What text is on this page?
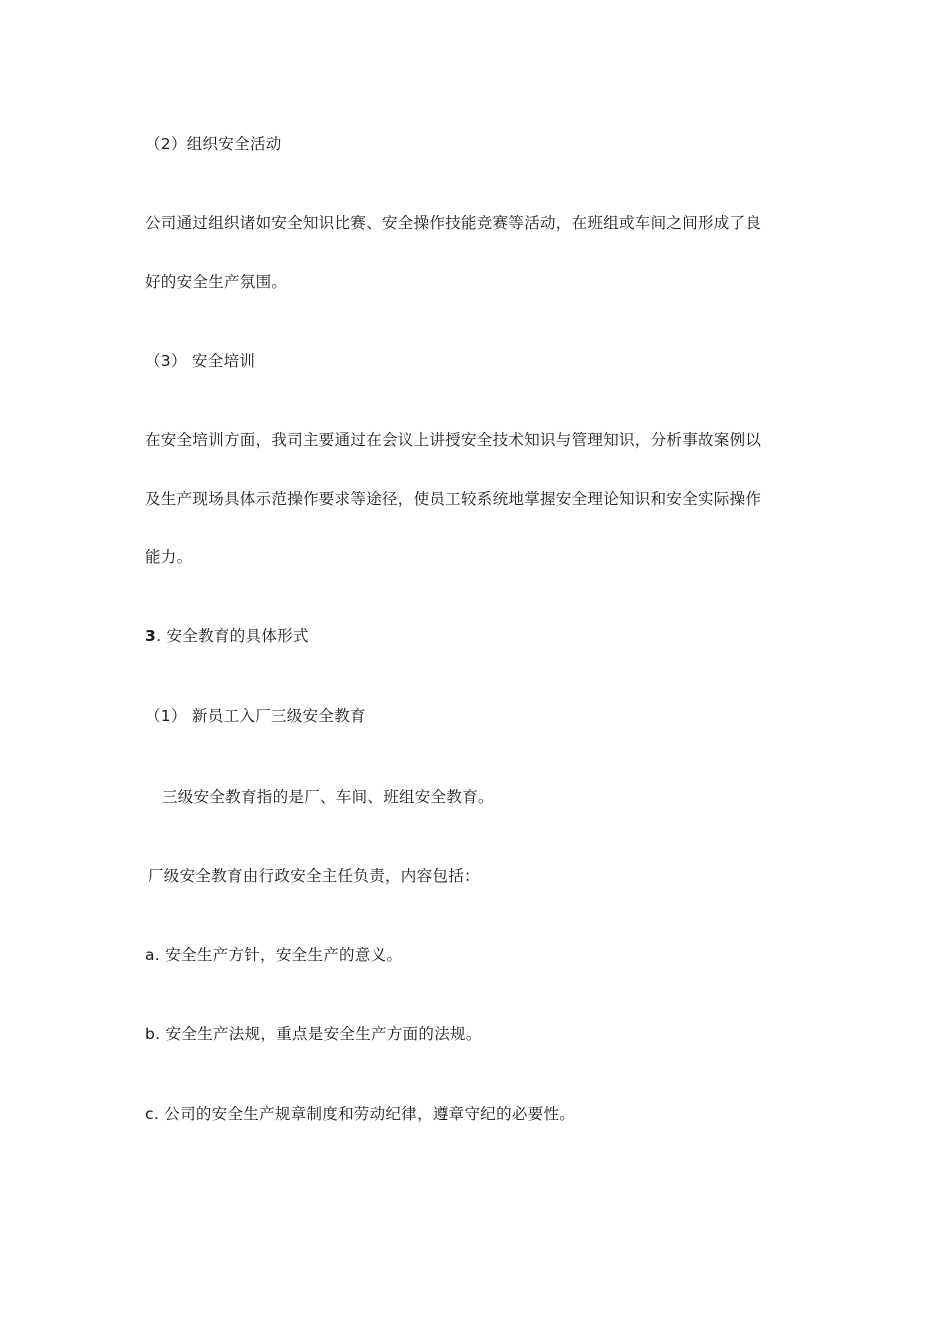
（2）组织安全活动
公司通过组织诸如安全知识比赛、安全操作技能竞赛等活动，在班组或车间之间形成了良
好的安全生产氛围。
（3） 安全培训
在安全培训方面，我司主要通过在会议上讲授安全技术知识与管理知识，分析事故案例以
及生产现场具体示范操作要求等途径，使员工较系统地掌握安全理论知识和安全实际操作
能力。
3. 安全教育的具体形式
（1） 新员工入厂三级安全教育
三级安全教育指的是厂、车间、班组安全教育。
厂级安全教育由行政安全主任负责，内容包括：
a. 安全生产方针，安全生产的意义。
b. 安全生产法规，重点是安全生产方面的法规。
c. 公司的安全生产规章制度和劳动纪律，遵章守纪的必要性。
